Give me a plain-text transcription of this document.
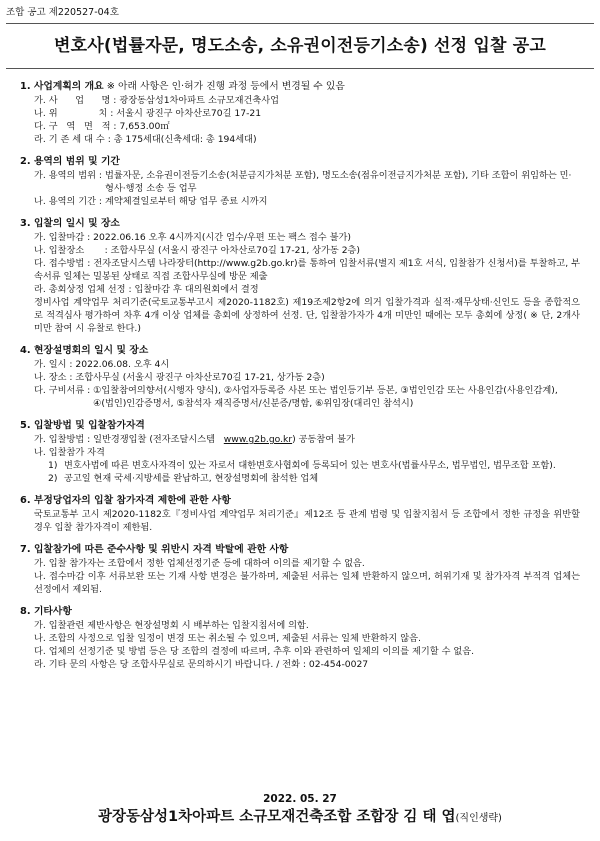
조합 공고 제220527-04호
변호사(법률자문, 명도소송, 소유권이전등기소송) 선정 입찰 공고
1. 사업계획의 개요 ※ 아래 사항은 인·허가 진행 과정 등에서 변경될 수 있음
가. 사      업      명 : 광장동삼성1차아파트 소규모재건축사업
나. 위              치 : 서울시 광진구 아차산로70길 17-21
다. 구   역   면   적 : 7,653.00㎡
라. 기 존 세 대 수 : 총 175세대(신축세대: 총 194세대)
2. 용역의 범위 및 기간
가. 용역의 범위 : 법률자문, 소유권이전등기소송(처분금지가처분 포함), 명도소송(점유이전금지가처분 포함), 기타 조합이 위임하는 민·형사·행정 소송 등 업무
나. 용역의 기간 : 계약체결일로부터 해당 업무 종료 시까지
3. 입찰의 일시 및 장소
가. 입찰마감 : 2022.06.16 오후 4시까지(시간 엄수/우편 또는 팩스 접수 불가)
나. 입찰장소       : 조합사무실 (서울시 광진구 아차산로70길 17-21, 상가동 2층)
다. 접수방법 : 전자조달시스템 나라장터(http://www.g2b.go.kr)를 통하여 입찰서류(별지 제1호 서식, 입찰참가 신청서)를 투찰하고, 부속서류 일체는 밀봉된 상태로 직접 조합사무실에 방문 제출
라. 총회상정 업체 선정 : 입찰마감 후 대의원회에서 결정
정비사업 계약업무 처리기준(국토교통부고시 제2020-1182호) 제19조제2항2에 의거 입찰가격과 실적·재무상태·신인도 등을 종합적으로 적격심사 평가하여 차후 4개 이상 업체를 총회에 상정하여 선정. 단, 입찰참가자가 4개 미만인 때에는 모두 총회에 상정( ※ 단, 2개사 미만 참여 시 유찰로 한다.)
4. 현장설명회의 일시 및 장소
가. 일시 : 2022.06.08. 오후 4시
나. 장소 : 조합사무실 (서울시 광진구 아차산로70길 17-21, 상가동 2층)
다. 구비서류 : ①입찰참여의향서(시행자 양식), ②사업자등록증 사본 또는 법인등기부 등본, ③법인인감 또는 사용인감(사용인감계), ④(법인)인감증명서, ⑤참석자 재직증명서/신분증/명함, ⑥위임장(대리인 참석시)
5. 입찰방법 및 입찰참가자격
가. 입찰방법 : 일반경쟁입찰 (전자조달시스템   www.g2b.go.kr) 공동참여 불가
나. 입찰참가 자격
1) 변호사법에 따른 변호사자격이 있는 자로서 대한변호사협회에 등록되어 있는 변호사(법률사무소, 법무법인, 법무조합 포함).
2) 공고일 현재 국세·지방세를 완납하고, 현장설명회에 참석한 업체
6. 부정당업자의 입찰 참가자격 제한에 관한 사항
국토교통부 고시 제2020-1182호『정비사업 계약업무 처리기준』제12조 등 관계 법령 및 입찰지침서 등 조합에서 정한 규정을 위반할 경우 입찰 참가자격이 제한됨.
7. 입찰참가에 따른 준수사항 및 위반시 자격 박탈에 관한 사항
가. 입찰 참가자는 조합에서 정한 업체선정기준 등에 대하여 이의를 제기할 수 없음.
나. 접수마감 이후 서류보완 또는 기재 사항 변경은 불가하며, 제출된 서류는 일체 반환하지 않으며, 허위기재 및 참가자격 부적격 업체는 선정에서 제외됨.
8. 기타사항
가. 입찰관련 제반사항은 현장설명회 시 배부하는 입찰지침서에 의함.
나. 조합의 사정으로 입찰 일정이 변경 또는 취소될 수 있으며, 제출된 서류는 일체 반환하지 않음.
다. 업체의 선정기준 및 방법 등은 당 조합의 결정에 따르며, 추후 이와 관련하여 일체의 이의를 제기할 수 없음.
라. 기타 문의 사항은 당 조합사무실로 문의하시기 바랍니다. / 전화 : 02-454-0027
2022. 05. 27
광장동삼성1차아파트 소규모재건축조합 조합장 김 태 엽(직인생략)
